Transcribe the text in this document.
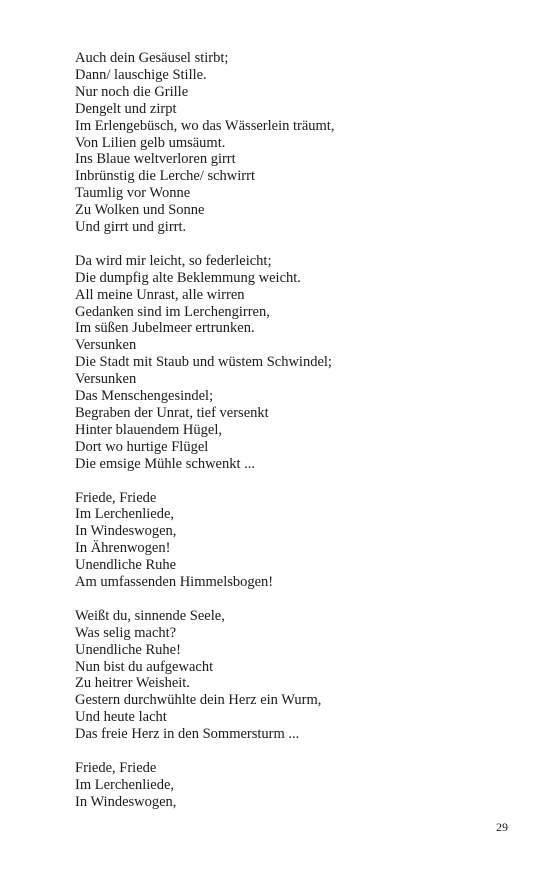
Auch dein Gesäusel stirbt;
Dann/ lauschige Stille.
Nur noch die Grille
Dengelt und zirpt
Im Erlengebüsch, wo das Wässerlein träumt,
Von Lilien gelb umsäumt.
Ins Blaue weltverloren girrt
Inbrünstig die Lerche/ schwirrt
Taumlig vor Wonne
Zu Wolken und Sonne
Und girrt und girrt.
Da wird mir leicht, so federleicht;
Die dumpfig alte Beklemmung weicht.
All meine Unrast, alle wirren
Gedanken sind im Lerchengirren,
Im süßen Jubelmeer ertrunken.
Versunken
Die Stadt mit Staub und wüstem Schwindel;
Versunken
Das Menschengesindel;
Begraben der Unrat, tief versenkt
Hinter blauendem Hügel,
Dort wo hurtige Flügel
Die emsige Mühle schwenkt ...
Friede, Friede
Im Lerchenliede,
In Windeswogen,
In Ährenwogen!
Unendliche Ruhe
Am umfassenden Himmelsbogen!
Weißt du, sinnende Seele,
Was selig macht?
Unendliche Ruhe!
Nun bist du aufgewacht
Zu heitrer Weisheit.
Gestern durchwühlte dein Herz ein Wurm,
Und heute lacht
Das freie Herz in den Sommersturm ...
Friede, Friede
Im Lerchenliede,
In Windeswogen,
29
